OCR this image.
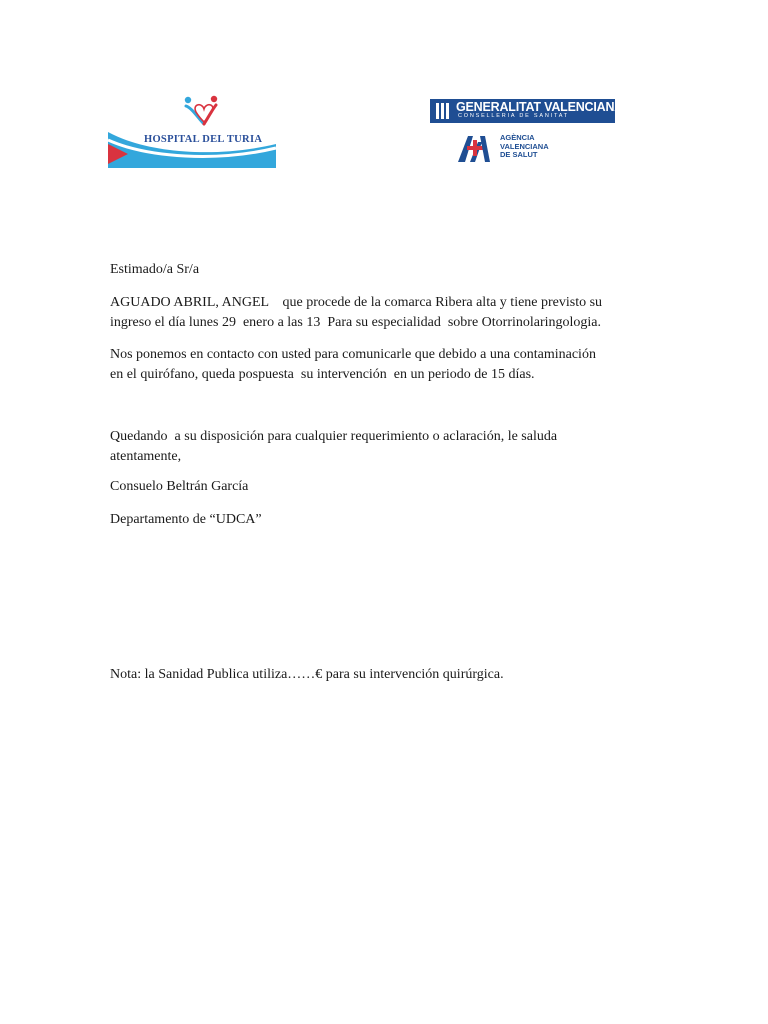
HOSPITAL DEL TURIA
GENERALITAT VALENCIANA
CONSELLERIA DE SANITAT
AGÈNCIA
VALENCIANA
DE SALUT

Estimado/a Sr/a

AGUADO ABRIL, ANGEL    que procede de la comarca Ribera alta y tiene previsto su
ingreso el día lunes 29  enero a las 13  Para su especialidad  sobre Otorrinolaringologia.
Nos ponemos en contacto con usted para comunicarle que debido a una contaminación
en el quirófano, queda pospuesta  su intervención  en un periodo de 15 días.
Quedando  a su disposición para cualquier requerimiento o aclaración, le saluda
atentamente,

Consuelo Beltrán García

Departamento de “UDCA”

Nota: la Sanidad Publica utiliza……€ para su intervención quirúrgica.
